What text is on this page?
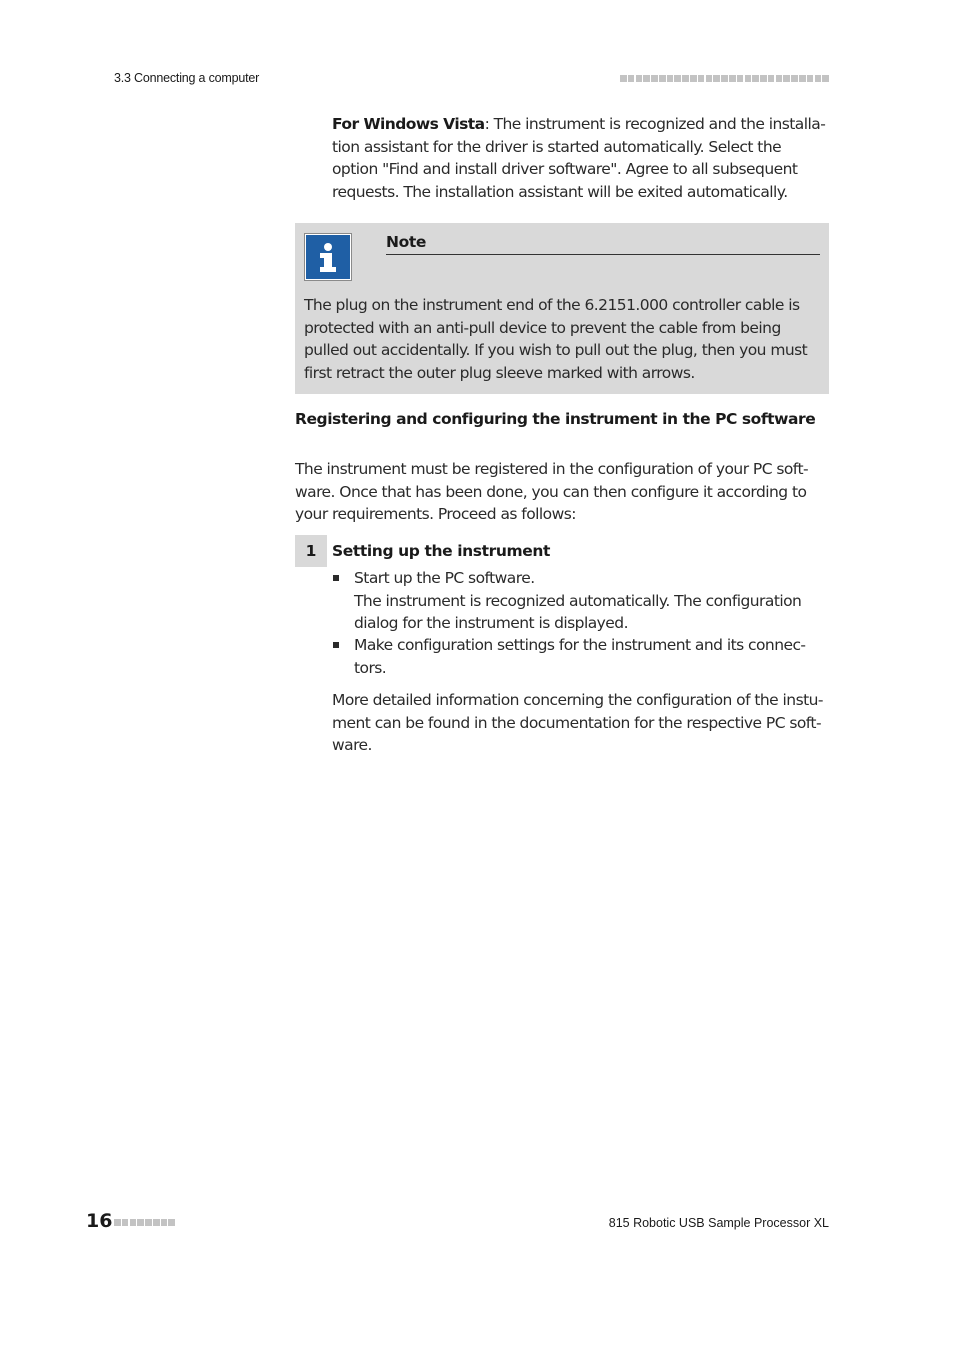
3.3 Connecting a computer
For Windows Vista: The instrument is recognized and the installation assistant for the driver is started automatically. Select the option "Find and install driver software". Agree to all subsequent requests. The installation assistant will be exited automatically.
Note
The plug on the instrument end of the 6.2151.000 controller cable is protected with an anti-pull device to prevent the cable from being pulled out accidentally. If you wish to pull out the plug, then you must first retract the outer plug sleeve marked with arrows.
Registering and configuring the instrument in the PC software
The instrument must be registered in the configuration of your PC software. Once that has been done, you can then configure it according to your requirements. Proceed as follows:
1	Setting up the instrument
Start up the PC software.
The instrument is recognized automatically. The configuration dialog for the instrument is displayed.
Make configuration settings for the instrument and its connectors.
More detailed information concerning the configuration of the instument can be found in the documentation for the respective PC software.
16	815 Robotic USB Sample Processor XL
